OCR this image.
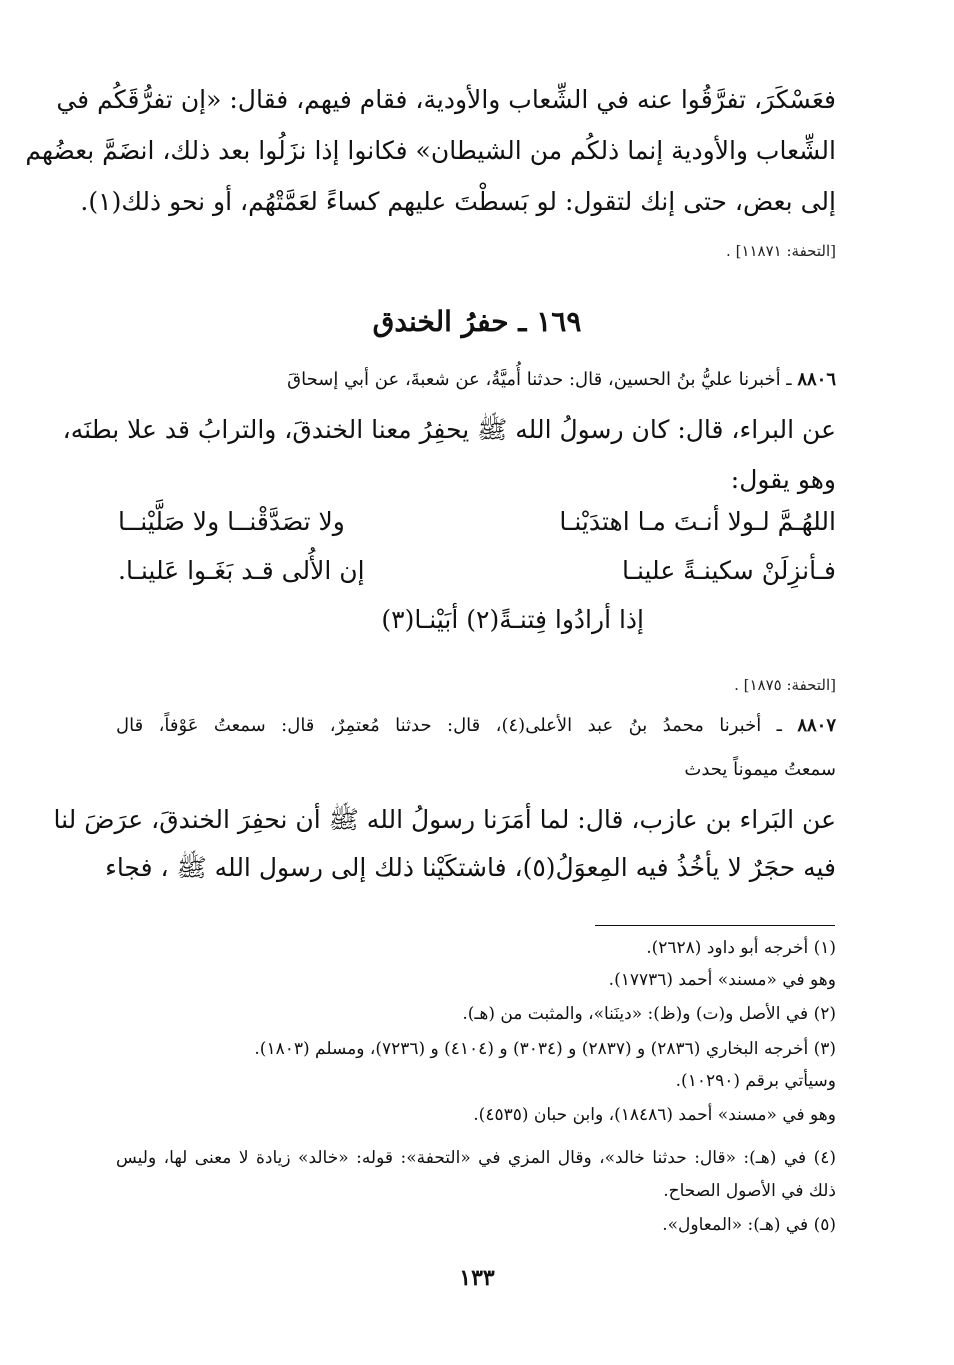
فعَسْكَرَ، تفرَّقُوا عنه في الشِّعاب والأودية، فقام فيهم، فقال: «إن تفرُّقَكُم في
الشِّعاب والأودية إنما ذلكُم من الشيطان» فكانوا إذا نزَلُوا بعد ذلك، انضَمَّ بعضُهم
إلى بعض، حتى إنك لتقول: لو بَسطْتَ عليهم كساءً لعَمَّتْهُم، أو نحو ذلك(١).
[التحفة: ١١٨٧١] .
١٦٩ ـ حفرُ الخندق
٨٨٠٦ ـ أخبرنا عليُّ بنُ الحسين، قال: حدثنا أُميَّةُ، عن شعبةَ، عن أبي إسحاقَ
عن البراء، قال: كان رسولُ الله ﷺ يحفِرُ معنا الخندقَ، والترابُ قد علا بطنَه،
وهو يقول:
اللهُـمَّ لـولا أنـتَ مـا اهتدَيْنـا
ولا تصَدَّقْنــا ولا صَلَّيْنــا
فـأنزِلَنْ سكينـةً علينـا
إن الأُلى قـد بَغَـوا عَلينـا.
إذا أرادُوا فِتنـةً(٢) أبَيْنـا(٣)
[التحفة: ١٨٧٥] .
٨٨٠٧ ـ أخبرنا محمدُ بنُ عبد الأعلى(٤)، قال: حدثنا مُعتمِرٌ، قال: سمعتُ عَوْفاً، قال
سمعتُ ميموناً يحدث
عن البَراء بن عازب، قال: لما أمَرَنا رسولُ الله ﷺ أن نحفِرَ الخندقَ، عرَضَ لنا
فيه حجَرٌ لا يأخُذُ فيه المِعوَلُ(٥)، فاشتكَيْنا ذلك إلى رسول الله ﷺ ، فجاء
(١) أخرجه أبو داود (٢٦٢٨).
وهو في «مسند» أحمد (١٧٧٣٦).
(٢) في الأصل و(ت) و(ظ): «دينَنا»، والمثبت من (هـ).
(٣) أخرجه البخاري (٢٨٣٦) و (٢٨٣٧) و (٣٠٣٤) و (٤١٠٤) و (٧٢٣٦)، ومسلم (١٨٠٣).
وسيأتي برقم (١٠٢٩٠).
وهو في «مسند» أحمد (١٨٤٨٦)، وابن حبان (٤٥٣٥).
(٤) في (هـ): «قال: حدثنا خالد»، وقال المزي في «التحفة»: قوله: «خالد» زيادة لا معنى لها، وليس
ذلك في الأصول الصحاح.
(٥) في (هـ): «المعاول».
١٣٣
